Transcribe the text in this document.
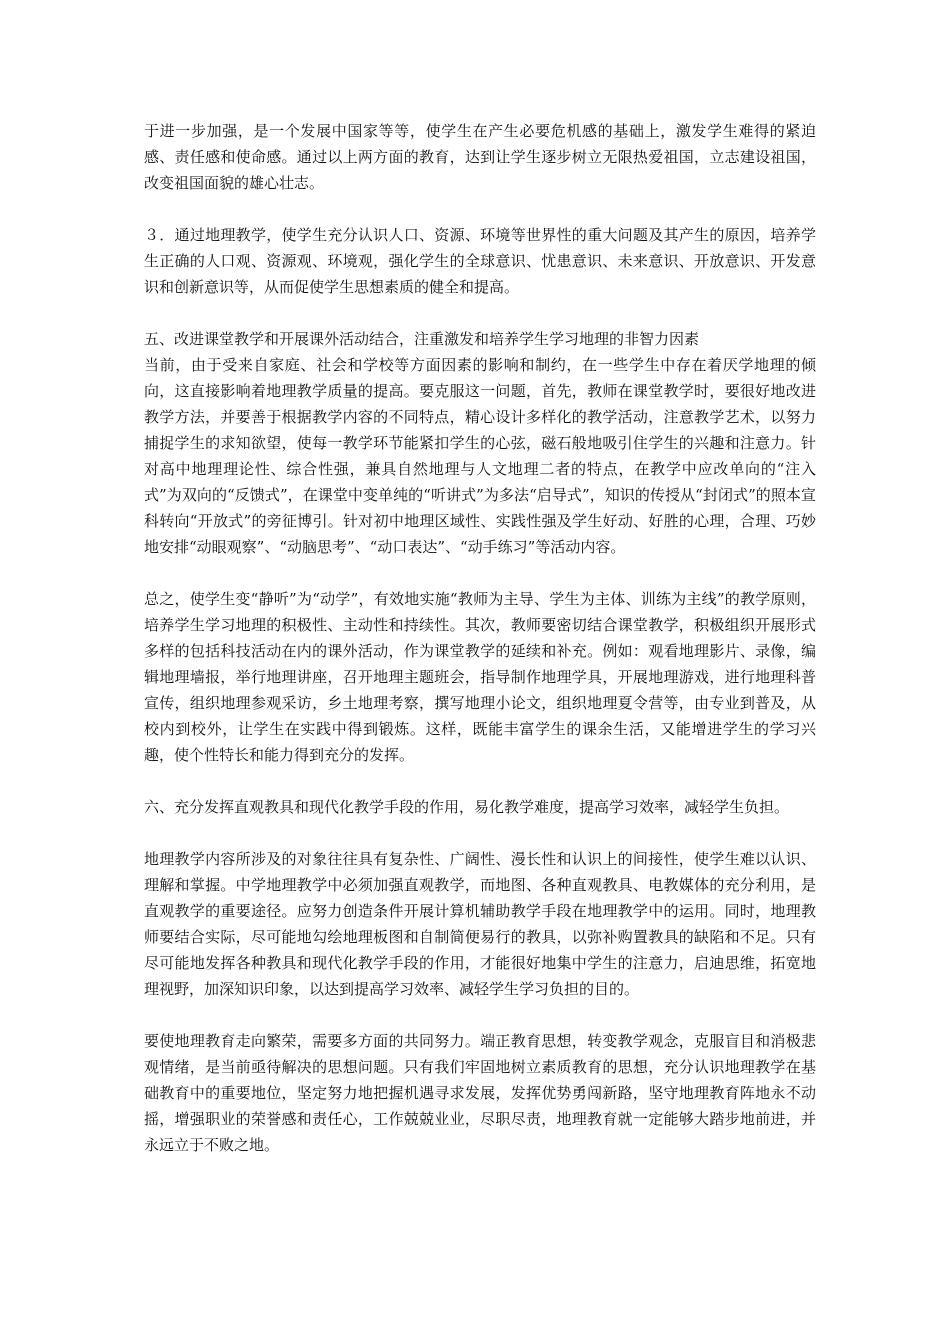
于进一步加强，是一个发展中国家等等，使学生在产生必要危机感的基础上，激发学生难得的紧迫感、责任感和使命感。通过以上两方面的教育，达到让学生逐步树立无限热爱祖国，立志建设祖国，改变祖国面貌的雄心壮志。

３．通过地理教学，使学生充分认识人口、资源、环境等世界性的重大问题及其产生的原因，培养学生正确的人口观、资源观、环境观，强化学生的全球意识、忧患意识、未来意识、开放意识、开发意识和创新意识等，从而促使学生思想素质的健全和提高。

五、改进课堂教学和开展课外活动结合，注重激发和培养学生学习地理的非智力因素

当前，由于受来自家庭、社会和学校等方面因素的影响和制约，在一些学生中存在着厌学地理的倾向，这直接影响着地理教学质量的提高。要克服这一问题，首先，教师在课堂教学时，要很好地改进教学方法，并要善于根据教学内容的不同特点，精心设计多样化的教学活动，注意教学艺术，以努力捕捉学生的求知欲望，使每一教学环节能紧扣学生的心弦，磁石般地吸引住学生的兴趣和注意力。针对高中地理理论性、综合性强，兼具自然地理与人文地理二者的特点，在教学中应改单向的“注入式”为双向的“反馈式”，在课堂中变单纯的“听讲式”为多法“启导式”，知识的传授从“封闭式”的照本宣科转向“开放式”的旁征博引。针对初中地理区域性、实践性强及学生好动、好胜的心理，合理、巧妙地安排“动眼观察”、“动脑思考”、“动口表达”、“动手练习”等活动内容。

总之，使学生变“静听”为“动学”，有效地实施“教师为主导、学生为主体、训练为主线”的教学原则，培养学生学习地理的积极性、主动性和持续性。其次，教师要密切结合课堂教学，积极组织开展形式多样的包括科技活动在内的课外活动，作为课堂教学的延续和补充。例如：观看地理影片、录像，编辑地理墙报，举行地理讲座，召开地理主题班会，指导制作地理学具，开展地理游戏，进行地理科普宣传，组织地理参观采访，乡土地理考察，撰写地理小论文，组织地理夏令营等，由专业到普及，从校内到校外，让学生在实践中得到锻炼。这样，既能丰富学生的课余生活，又能增进学生的学习兴趣，使个性特长和能力得到充分的发挥。

六、充分发挥直观教具和现代化教学手段的作用，易化教学难度，提高学习效率，减轻学生负担。

地理教学内容所涉及的对象往往具有复杂性、广阔性、漫长性和认识上的间接性，使学生难以认识、理解和掌握。中学地理教学中必须加强直观教学，而地图、各种直观教具、电教媒体的充分利用，是直观教学的重要途径。应努力创造条件开展计算机辅助教学手段在地理教学中的运用。同时，地理教师要结合实际，尽可能地勾绘地理板图和自制简便易行的教具，以弥补购置教具的缺陷和不足。只有尽可能地发挥各种教具和现代化教学手段的作用，才能很好地集中学生的注意力，启迪思维，拓宽地理视野，加深知识印象，以达到提高学习效率、减轻学生学习负担的目的。

要使地理教育走向繁荣，需要多方面的共同努力。端正教育思想，转变教学观念，克服盲目和消极悲观情绪，是当前亟待解决的思想问题。只有我们牢固地树立素质教育的思想，充分认识地理教学在基础教育中的重要地位，坚定努力地把握机遇寻求发展，发挥优势勇闯新路，坚守地理教育阵地永不动摇，增强职业的荣誉感和责任心，工作兢兢业业，尽职尽责，地理教育就一定能够大踏步地前进，并永远立于不败之地。
